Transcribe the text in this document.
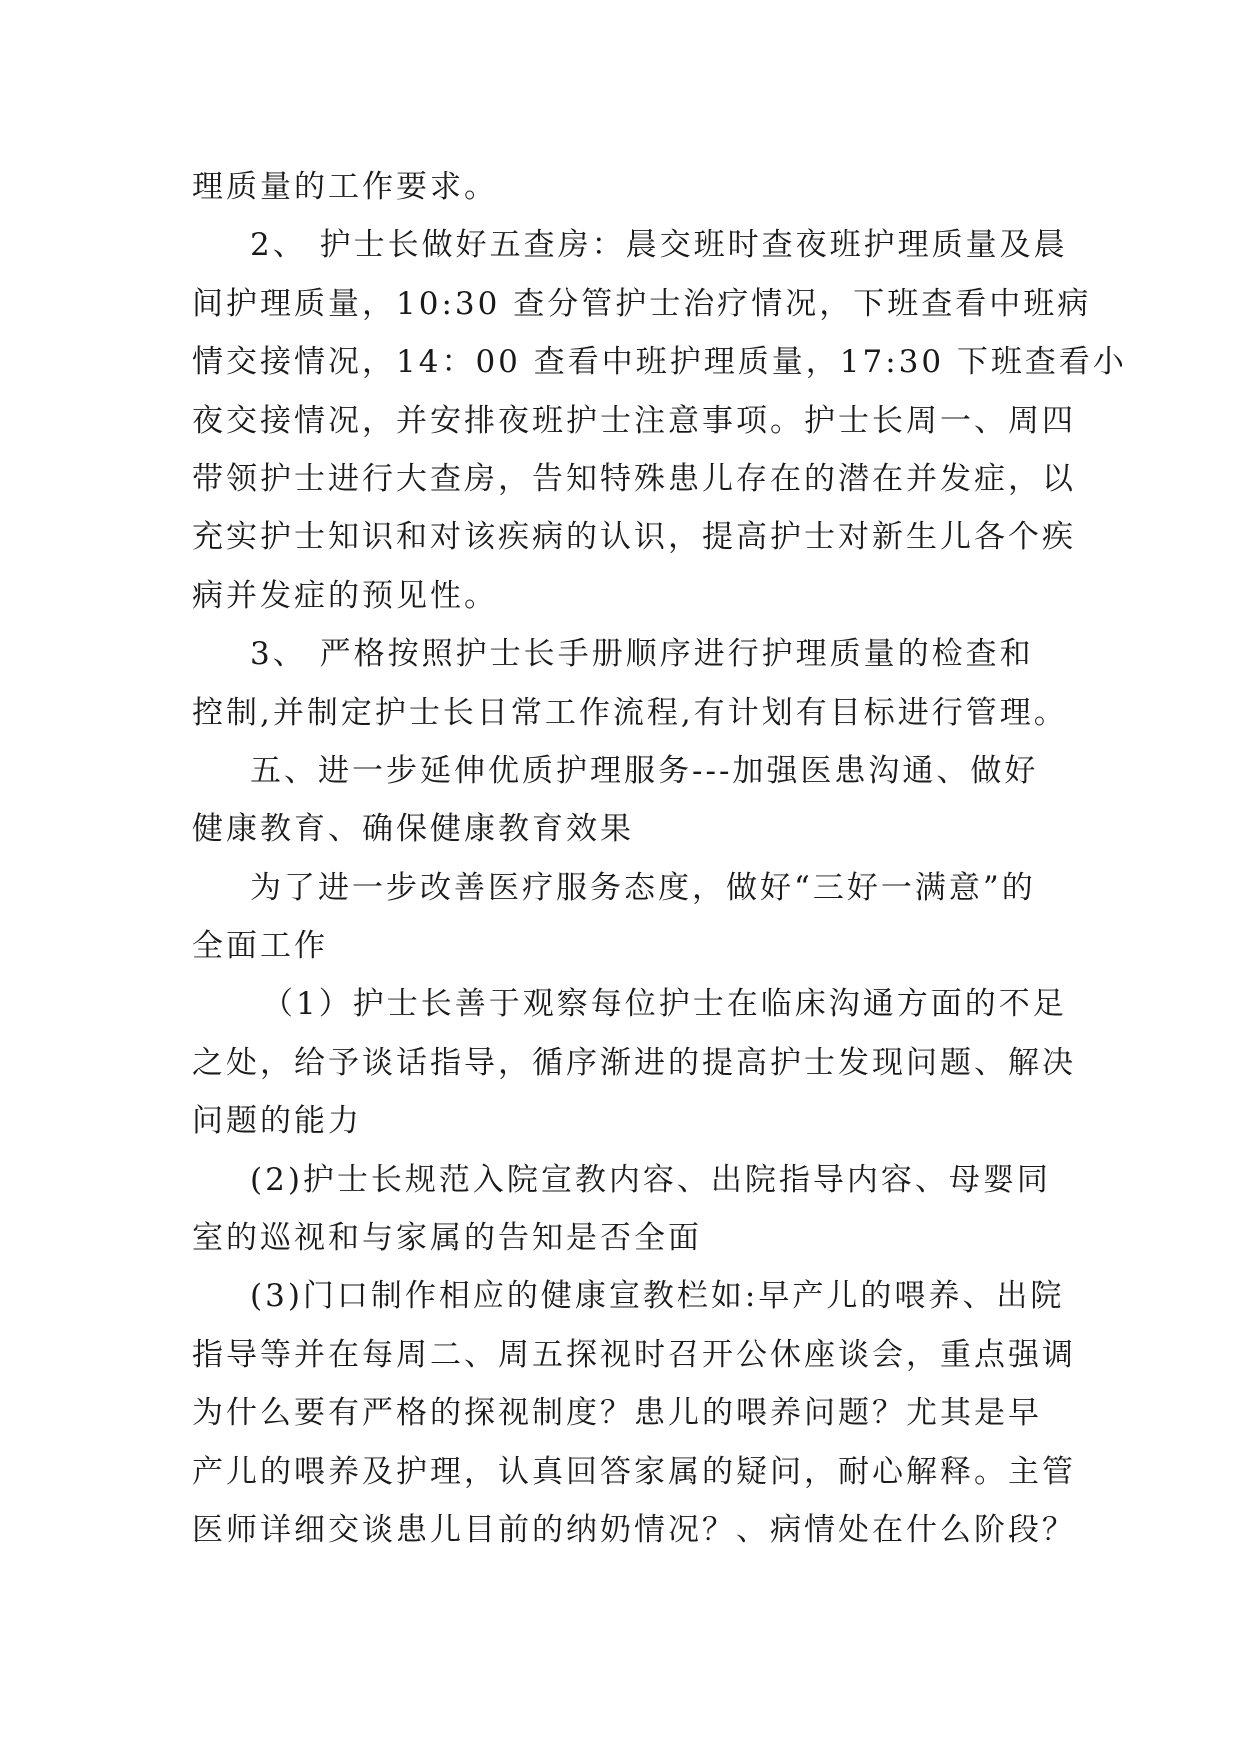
理质量的工作要求。
2、 护士长做好五查房：晨交班时查夜班护理质量及晨
间护理质量，10:30 查分管护士治疗情况，下班查看中班病
情交接情况，14：00 查看中班护理质量，17:30 下班查看小
夜交接情况，并安排夜班护士注意事项。护士长周一、周四
带领护士进行大查房，告知特殊患儿存在的潜在并发症，以
充实护士知识和对该疾病的认识，提高护士对新生儿各个疾
病并发症的预见性。
3、 严格按照护士长手册顺序进行护理质量的检查和
控制,并制定护士长日常工作流程,有计划有目标进行管理。
五、进一步延伸优质护理服务---加强医患沟通、做好
健康教育、确保健康教育效果
为了进一步改善医疗服务态度，做好“三好一满意”的
全面工作
（1）护士长善于观察每位护士在临床沟通方面的不足
之处，给予谈话指导，循序渐进的提高护士发现问题、解决
问题的能力
(2)护士长规范入院宣教内容、出院指导内容、母婴同
室的巡视和与家属的告知是否全面
(3)门口制作相应的健康宣教栏如:早产儿的喂养、出院
指导等并在每周二、周五探视时召开公休座谈会，重点强调
为什么要有严格的探视制度？患儿的喂养问题？尤其是早
产儿的喂养及护理，认真回答家属的疑问，耐心解释。主管
医师详细交谈患儿目前的纳奶情况？、病情处在什么阶段？
